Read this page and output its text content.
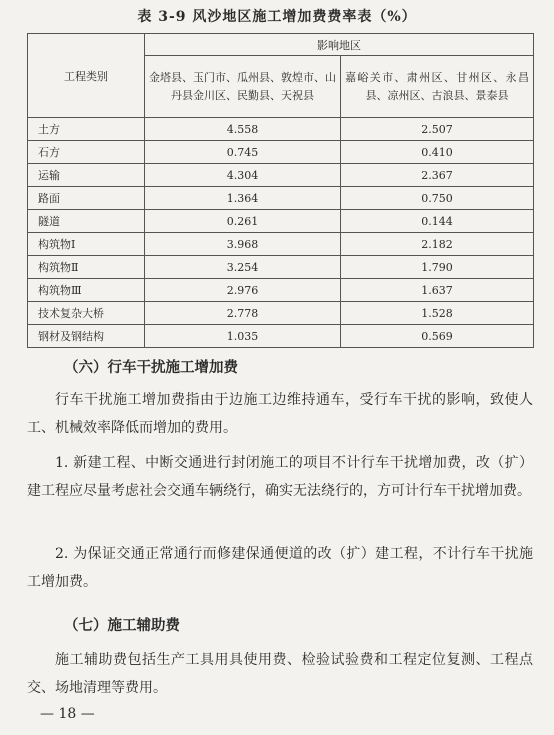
表 3-9 风沙地区施工增加费费率表（%）
工程类别	影响地区	

	金塔县、玉门市、瓜州县、敦煌市、山丹县金川区、民勤县、天祝县	嘉峪关市、肃州区、甘州区、永昌县、凉州区、古浪县、景泰县

土方	4.558	2.507
石方	0.745	0.410
运输	4.304	2.367
路面	1.364	0.750
隧道	0.261	0.144
构筑物Ⅰ	3.968	2.182
构筑物Ⅱ	3.254	1.790
构筑物Ⅲ	2.976	1.637
技术复杂大桥	2.778	1.528
钢材及钢结构	1.035	0.569
（六）行车干扰施工增加费
行车干扰施工增加费指由于边施工边维持通车，受行车干扰的影响，致使人工、机械效率降低而增加的费用。
1. 新建工程、中断交通进行封闭施工的项目不计行车干扰增加费，改（扩）建工程应尽量考虑社会交通车辆绕行，确实无法绕行的，方可计行车干扰增加费。
2. 为保证交通正常通行而修建保通便道的改（扩）建工程，不计行车干扰施工增加费。
（七）施工辅助费
施工辅助费包括生产工具用具使用费、检验试验费和工程定位复测、工程点交、场地清理等费用。
— 18 —
